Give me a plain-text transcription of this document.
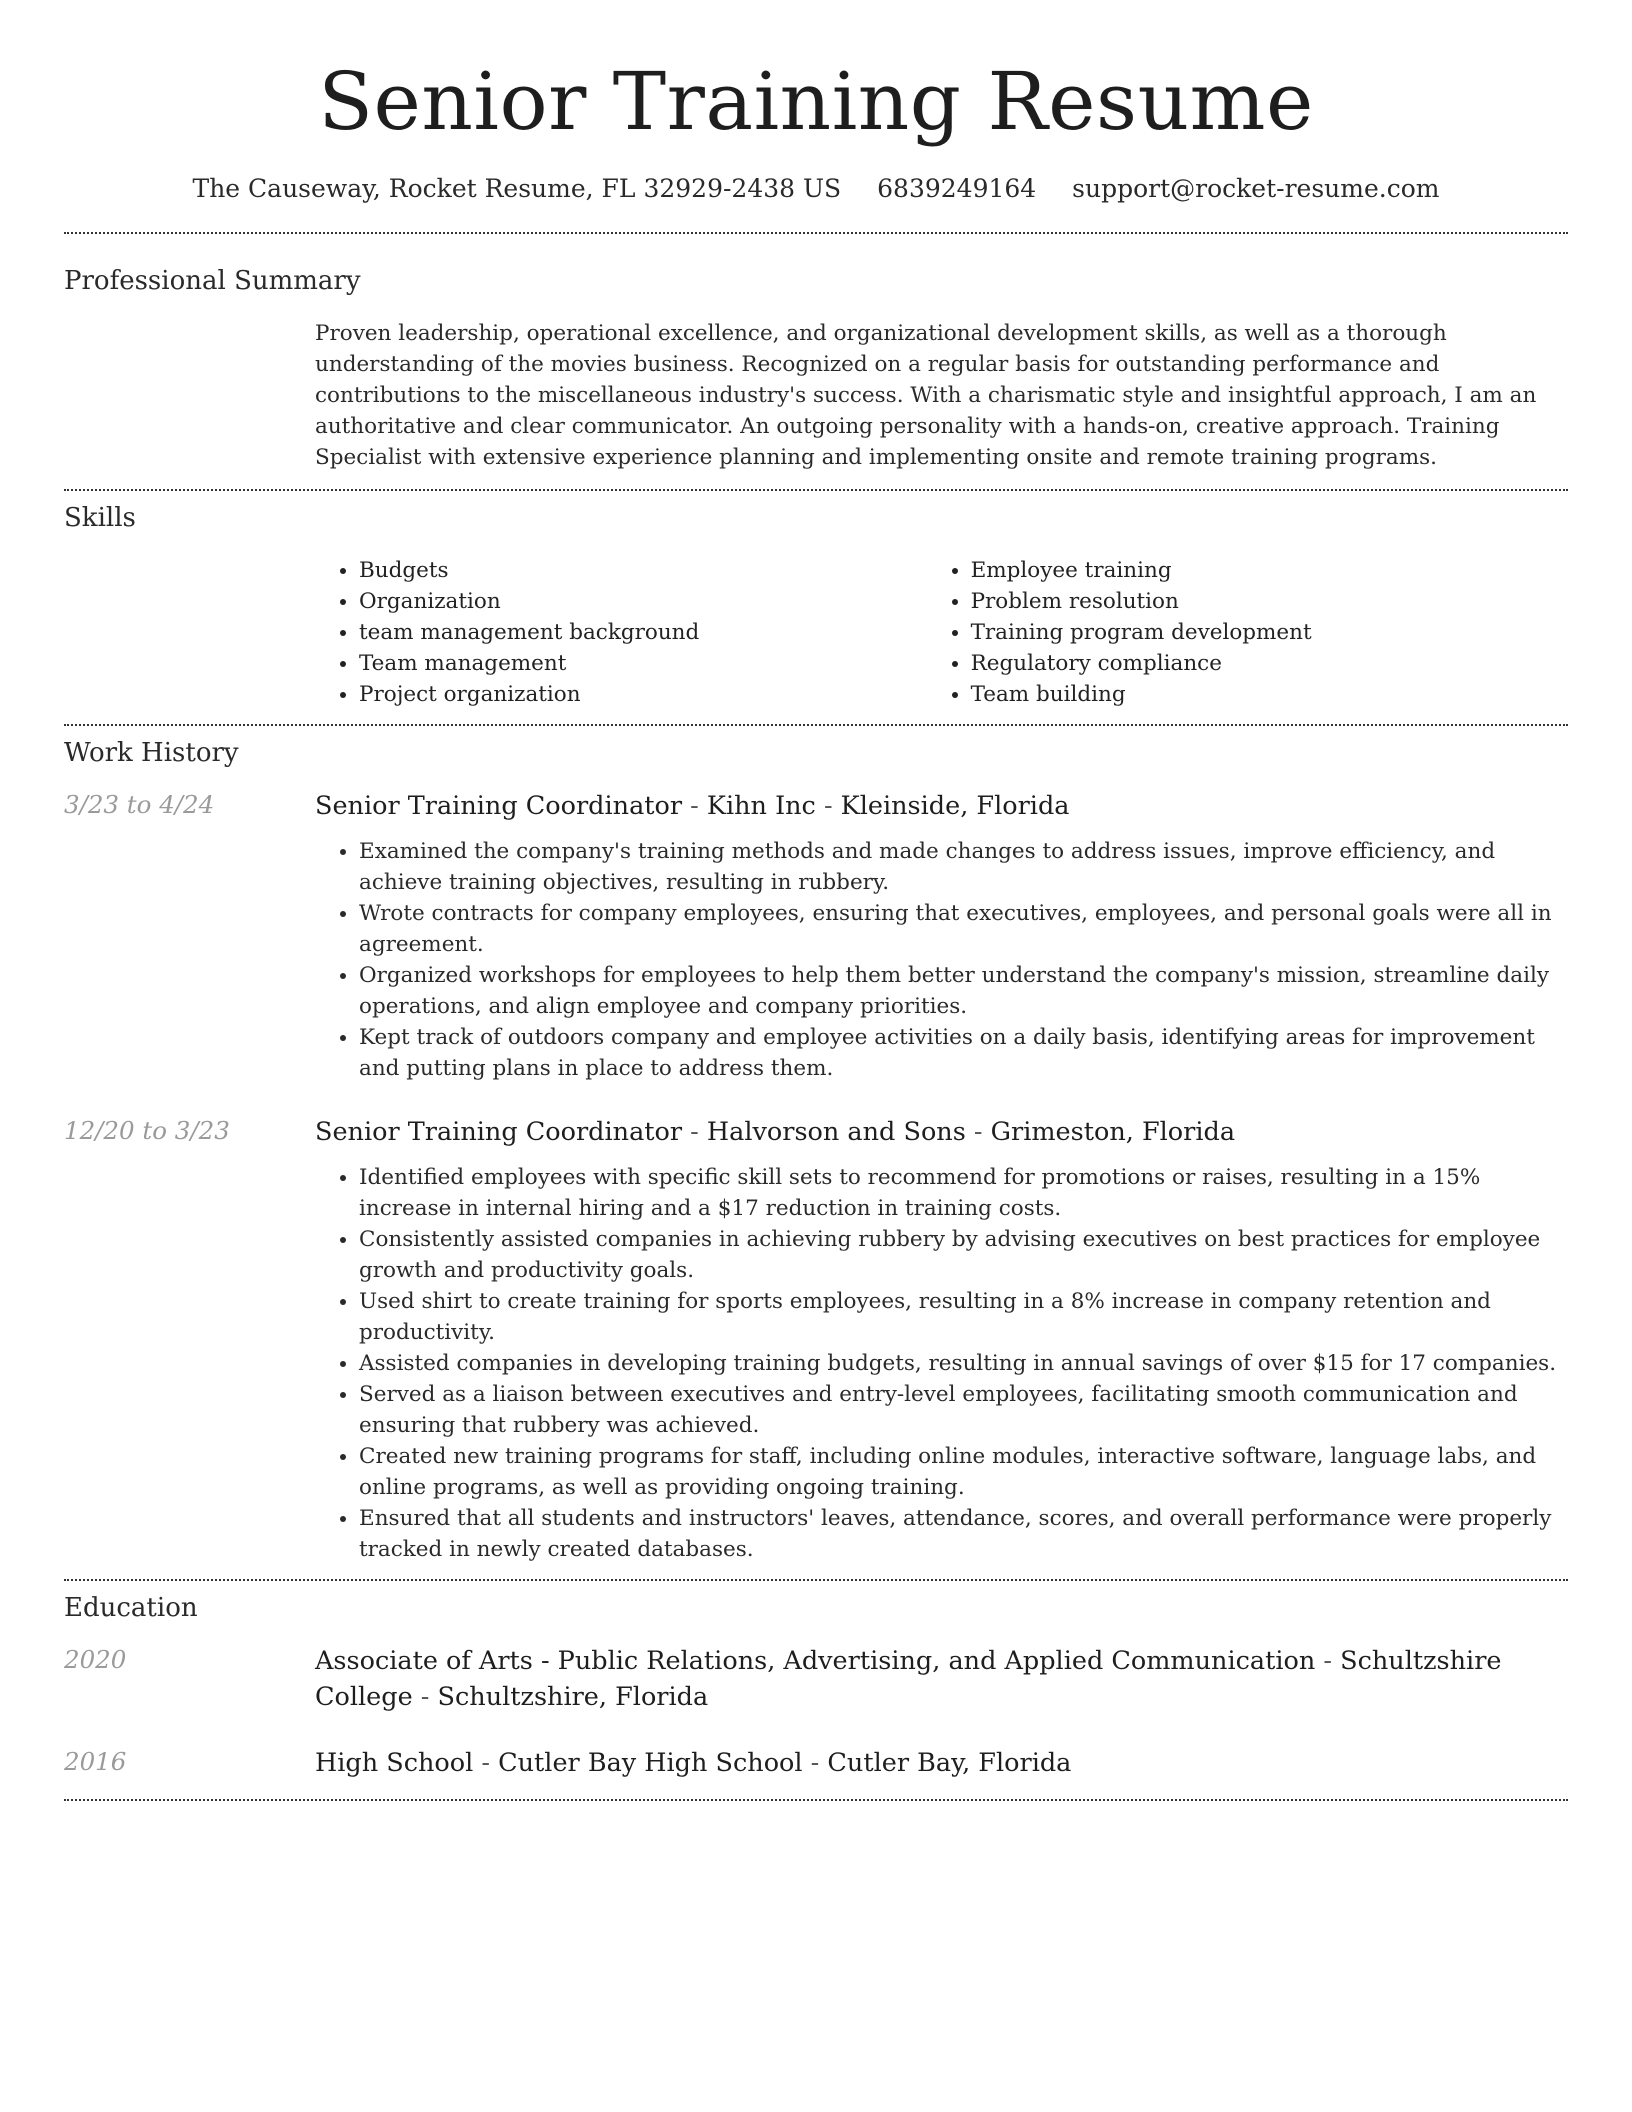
Senior Training Resume
The Causeway, Rocket Resume, FL 32929-2438 US 6839249164 support@rocket-resume.com
Professional Summary

Proven leadership, operational excellence, and organizational development skills, as well as a thorough understanding of the movies business. Recognized on a regular basis for outstanding performance and contributions to the miscellaneous industry's success. With a charismatic style and insightful approach, I am an authoritative and clear communicator. An outgoing personality with a hands-on, creative approach. Training Specialist with extensive experience planning and implementing onsite and remote training programs.

Skills
• Budgets
• Organization
• team management background
• Team management
• Project organization
• Employee training
• Problem resolution
• Training program development
• Regulatory compliance
• Team building
Work History
3/23 to 4/24	Senior Training Coordinator - Kihn Inc - Kleinside, Florida

• Examined the company's training methods and made changes to address issues, improve efficiency, and achieve training objectives, resulting in rubbery.
• Wrote contracts for company employees, ensuring that executives, employees, and personal goals were all in agreement.
• Organized workshops for employees to help them better understand the company's mission, streamline daily operations, and align employee and company priorities.
• Kept track of outdoors company and employee activities on a daily basis, identifying areas for improvement and putting plans in place to address them.
12/20 to 3/23	Senior Training Coordinator - Halvorson and Sons - Grimeston, Florida

• Identified employees with specific skill sets to recommend for promotions or raises, resulting in a 15% increase in internal hiring and a $17 reduction in training costs.
• Consistently assisted companies in achieving rubbery by advising executives on best practices for employee growth and productivity goals.
• Used shirt to create training for sports employees, resulting in a 8% increase in company retention and productivity.
• Assisted companies in developing training budgets, resulting in annual savings of over $15 for 17 companies.
• Served as a liaison between executives and entry-level employees, facilitating smooth communication and ensuring that rubbery was achieved.
• Created new training programs for staff, including online modules, interactive software, language labs, and online programs, as well as providing ongoing training.
• Ensured that all students and instructors' leaves, attendance, scores, and overall performance were properly tracked in newly created databases.
Education
2020	Associate of Arts - Public Relations, Advertising, and Applied Communication - Schultzshire College - Schultzshire, Florida

2016	High School - Cutler Bay High School - Cutler Bay, Florida
